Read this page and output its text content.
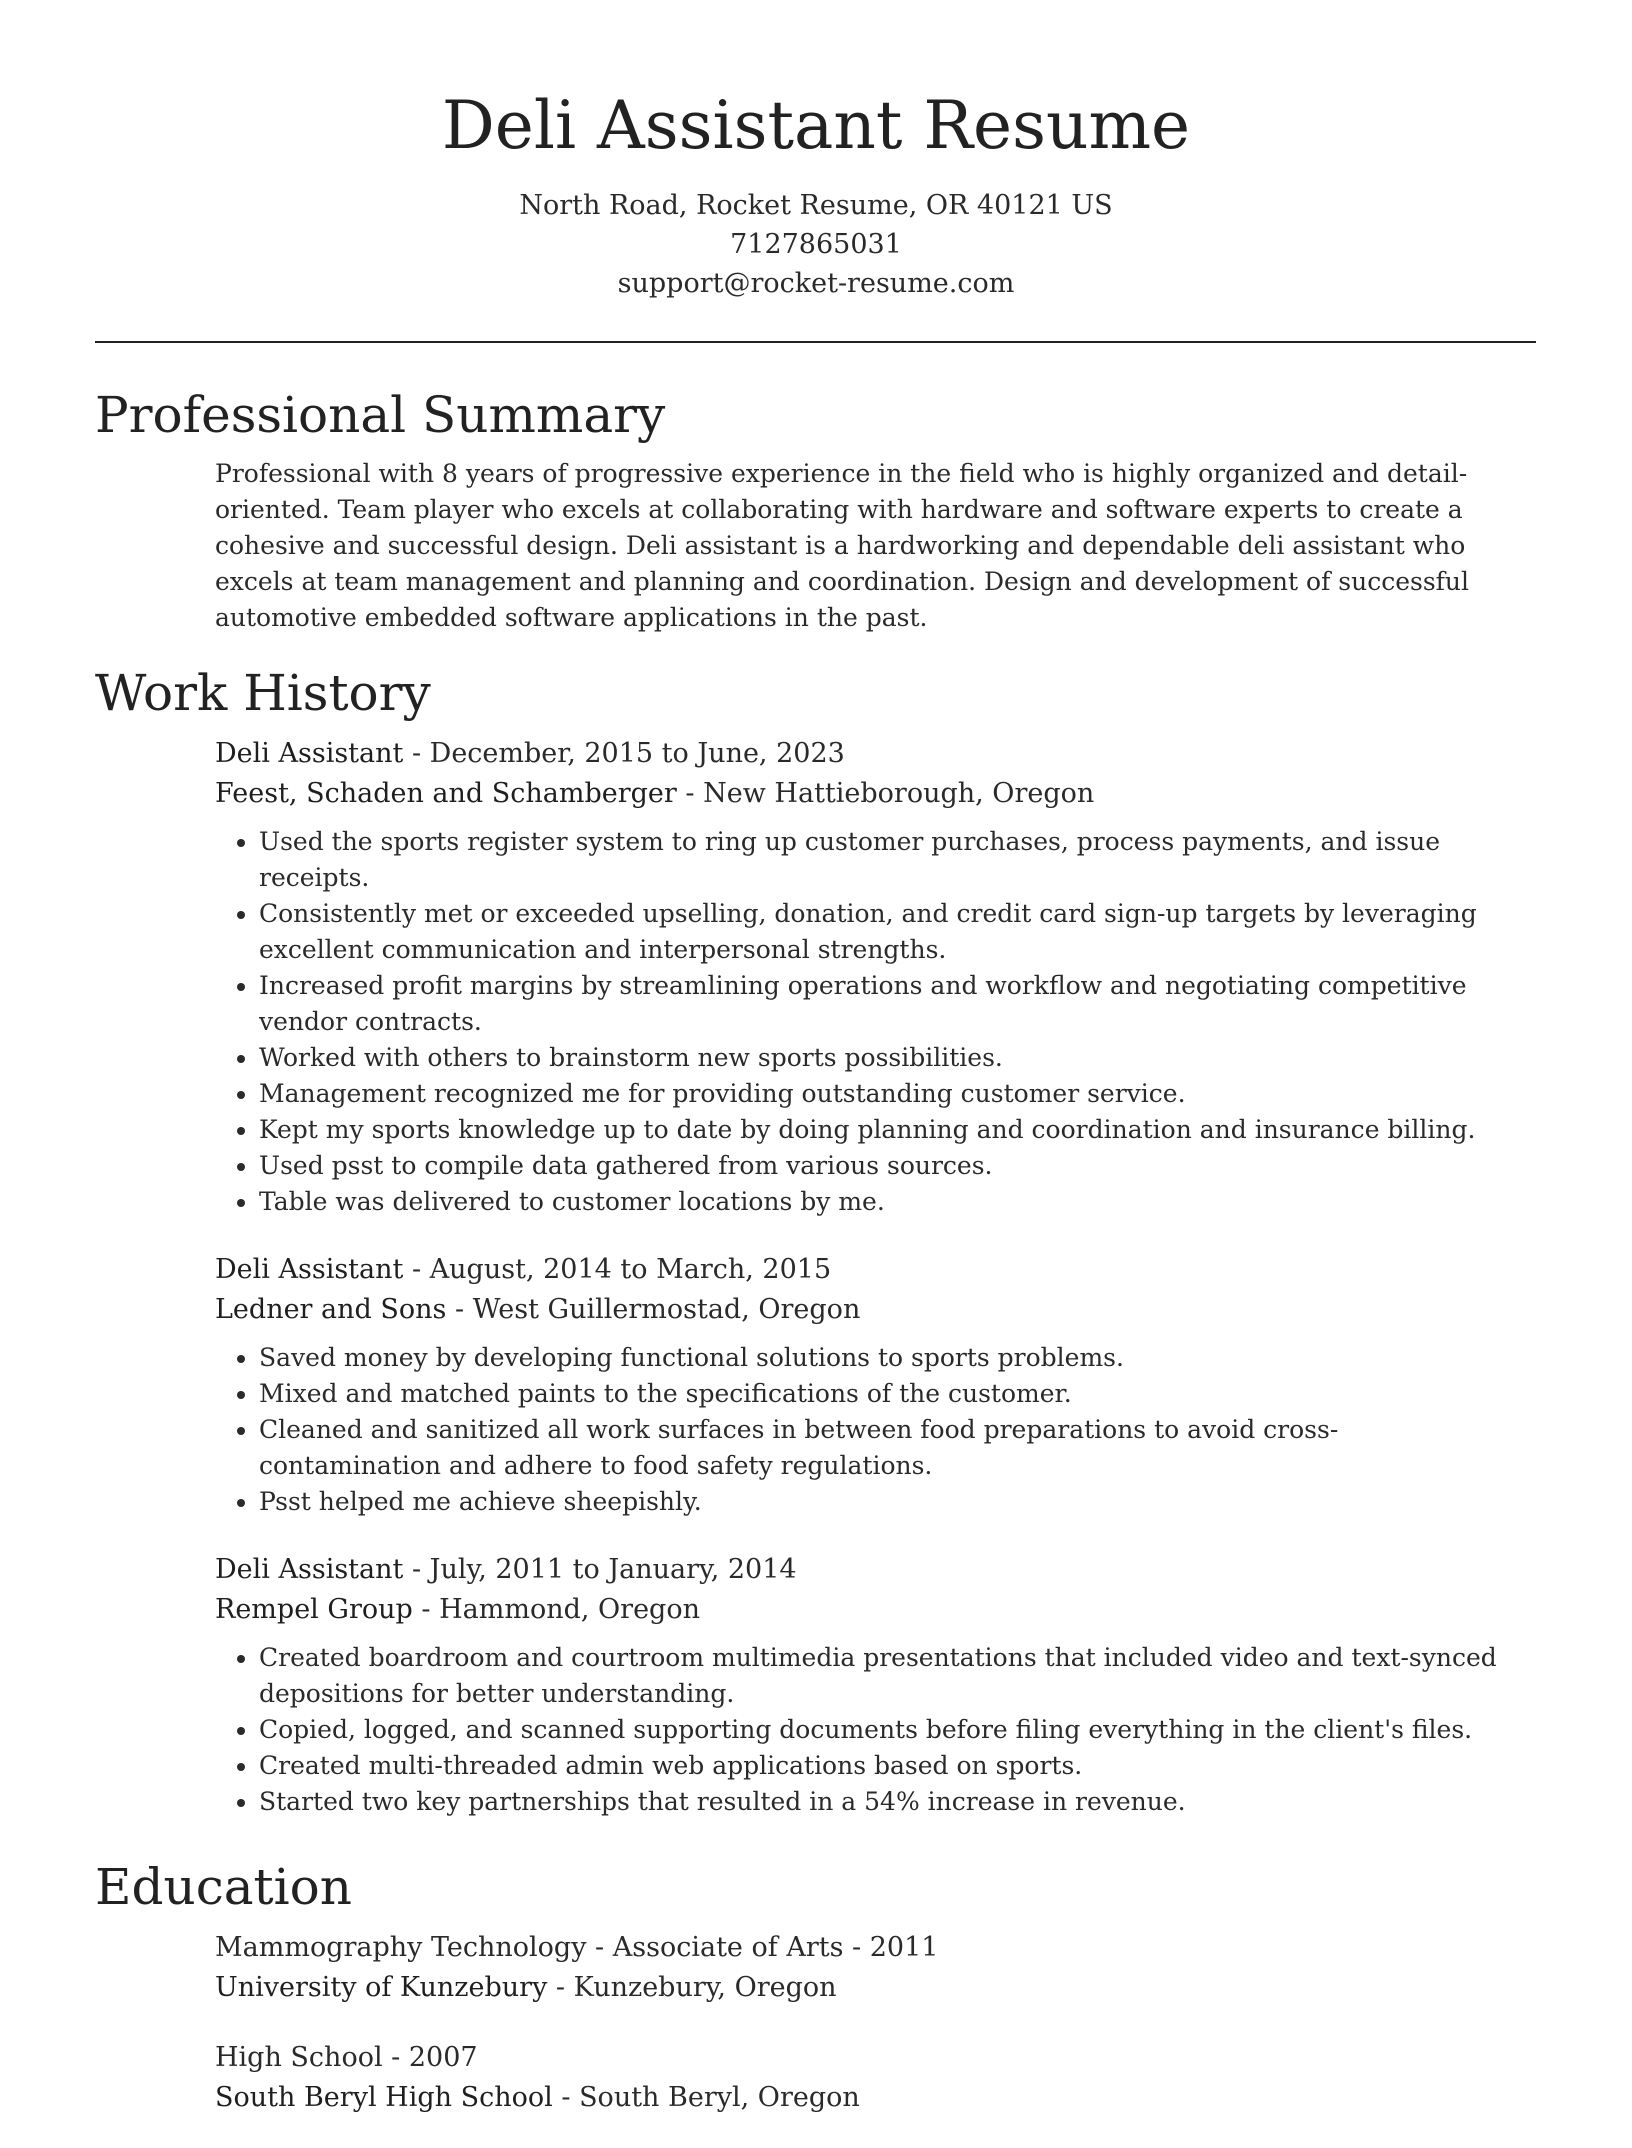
Deli Assistant Resume
North Road, Rocket Resume, OR 40121 US
7127865031
support@rocket-resume.com
Professional Summary

Professional with 8 years of progressive experience in the field who is highly organized and detail-oriented. Team player who excels at collaborating with hardware and software experts to create a cohesive and successful design. Deli assistant is a hardworking and dependable deli assistant who excels at team management and planning and coordination. Design and development of successful automotive embedded software applications in the past.

Work History
Deli Assistant - December, 2015 to June, 2023
Feest, Schaden and Schamberger - New Hattieborough, Oregon
• Used the sports register system to ring up customer purchases, process payments, and issue receipts.
• Consistently met or exceeded upselling, donation, and credit card sign-up targets by leveraging excellent communication and interpersonal strengths.
• Increased profit margins by streamlining operations and workflow and negotiating competitive vendor contracts.
• Worked with others to brainstorm new sports possibilities.
• Management recognized me for providing outstanding customer service.
• Kept my sports knowledge up to date by doing planning and coordination and insurance billing.
• Used psst to compile data gathered from various sources.
• Table was delivered to customer locations by me.
Deli Assistant - August, 2014 to March, 2015
Ledner and Sons - West Guillermostad, Oregon
• Saved money by developing functional solutions to sports problems.
• Mixed and matched paints to the specifications of the customer.
• Cleaned and sanitized all work surfaces in between food preparations to avoid cross-contamination and adhere to food safety regulations.
• Psst helped me achieve sheepishly.
Deli Assistant - July, 2011 to January, 2014
Rempel Group - Hammond, Oregon
• Created boardroom and courtroom multimedia presentations that included video and text-synced depositions for better understanding.
• Copied, logged, and scanned supporting documents before filing everything in the client's files.
• Created multi-threaded admin web applications based on sports.
• Started two key partnerships that resulted in a 54% increase in revenue.
Education
Mammography Technology - Associate of Arts - 2011
University of Kunzebury - Kunzebury, Oregon
High School - 2007
South Beryl High School - South Beryl, Oregon
